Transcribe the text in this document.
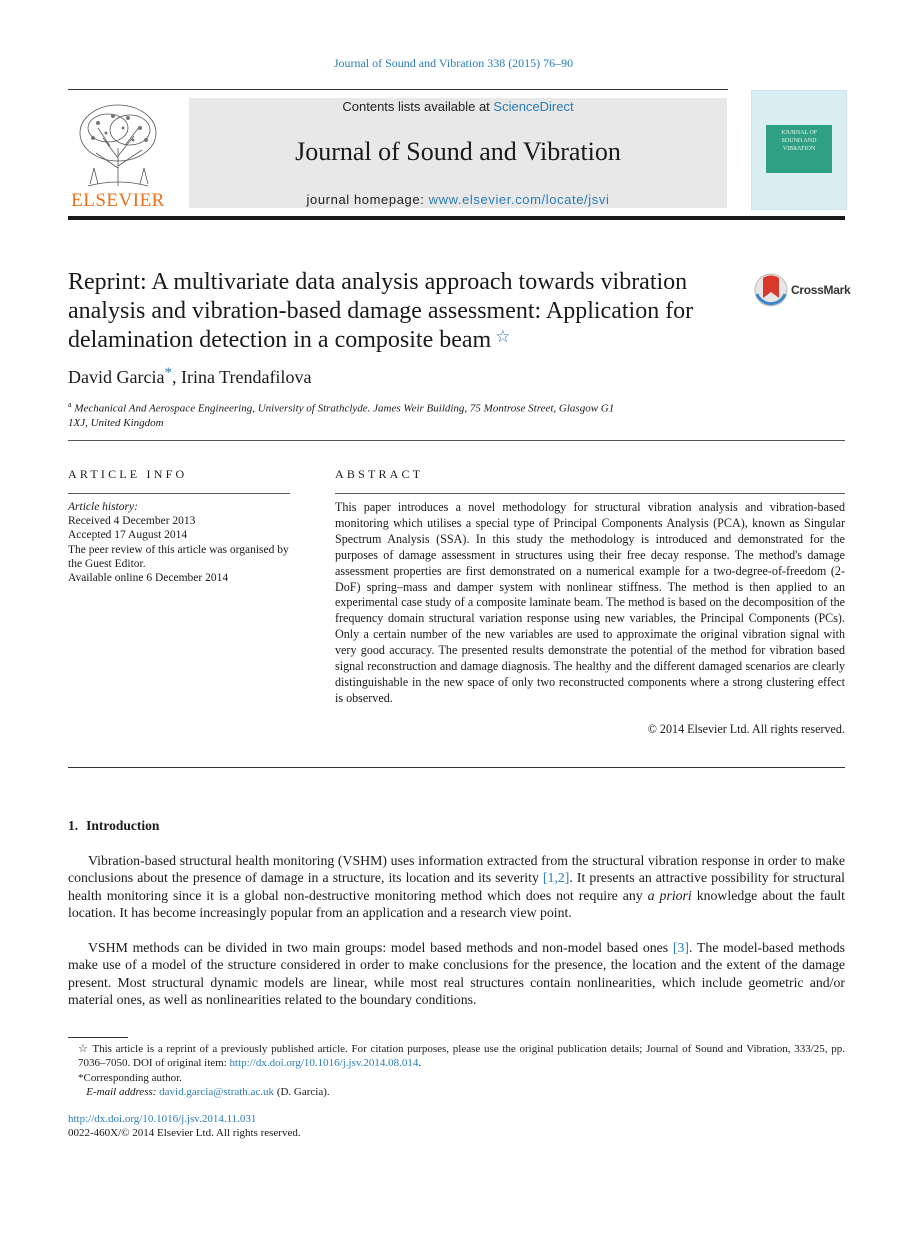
Journal of Sound and Vibration 338 (2015) 76–90
ELSEVIER
Contents lists available at ScienceDirect
Journal of Sound and Vibration
journal homepage: www.elsevier.com/locate/jsvi
JOURNAL OF
SOUND AND
VIBRATION
Reprint: A multivariate data analysis approach towards vibration analysis and vibration-based damage assessment: Application for delamination detection in a composite beam ☆
CrossMark
David Garcia*, Irina Trendafilova
$^a$ Mechanical And Aerospace Engineering, University of Strathclyde. James Weir Building, 75 Montrose Street, Glasgow G1 1XJ, United Kingdom
ARTICLE INFO
Article history:
Received 4 December 2013
Accepted 17 August 2014
The peer review of this article was organised by the Guest Editor.
Available online 6 December 2014
ABSTRACT
This paper introduces a novel methodology for structural vibration analysis and vibration-based monitoring which utilises a special type of Principal Components Analysis (PCA), known as Singular Spectrum Analysis (SSA). In this study the methodology is introduced and demonstrated for the purposes of damage assessment in structures using their free decay response. The method's damage assessment properties are first demonstrated on a numerical example for a two-degree-of-freedom (2-DoF) spring–mass and damper system with nonlinear stiffness. The method is then applied to an experimental case study of a composite laminate beam. The method is based on the decomposition of the frequency domain structural variation response using new variables, the Principal Components (PCs). Only a certain number of the new variables are used to approximate the original vibration signal with very good accuracy. The presented results demonstrate the potential of the method for vibration based signal reconstruction and damage diagnosis. The healthy and the different damaged scenarios are clearly distinguishable in the new space of only two reconstructed components where a strong clustering effect is observed.
© 2014 Elsevier Ltd. All rights reserved.
1. Introduction

Vibration-based structural health monitoring (VSHM) uses information extracted from the structural vibration response in order to make conclusions about the presence of damage in a structure, its location and its severity [1,2]. It presents an attractive possibility for structural health monitoring since it is a global non-destructive monitoring method which does not require any a priori knowledge about the fault location. It has become increasingly popular from an application and a research view point.

VSHM methods can be divided in two main groups: model based methods and non-model based ones [3]. The model-based methods make use of a model of the structure considered in order to make conclusions for the presence, the location and the extent of the damage present. Most structural dynamic models are linear, while most real structures contain nonlinearities, which include geometric and/or material ones, as well as nonlinearities related to the boundary conditions.

☆ This article is a reprint of a previously published article. For citation purposes, please use the original publication details; Journal of Sound and Vibration, 333/25, pp. 7036–7050. DOI of original item: http://dx.doi.org/10.1016/j.jsv.2014.08.014.

*Corresponding author.

E-mail address: david.garcia@strath.ac.uk (D. Garcia).

http://dx.doi.org/10.1016/j.jsv.2014.11.031
0022-460X/© 2014 Elsevier Ltd. All rights reserved.
